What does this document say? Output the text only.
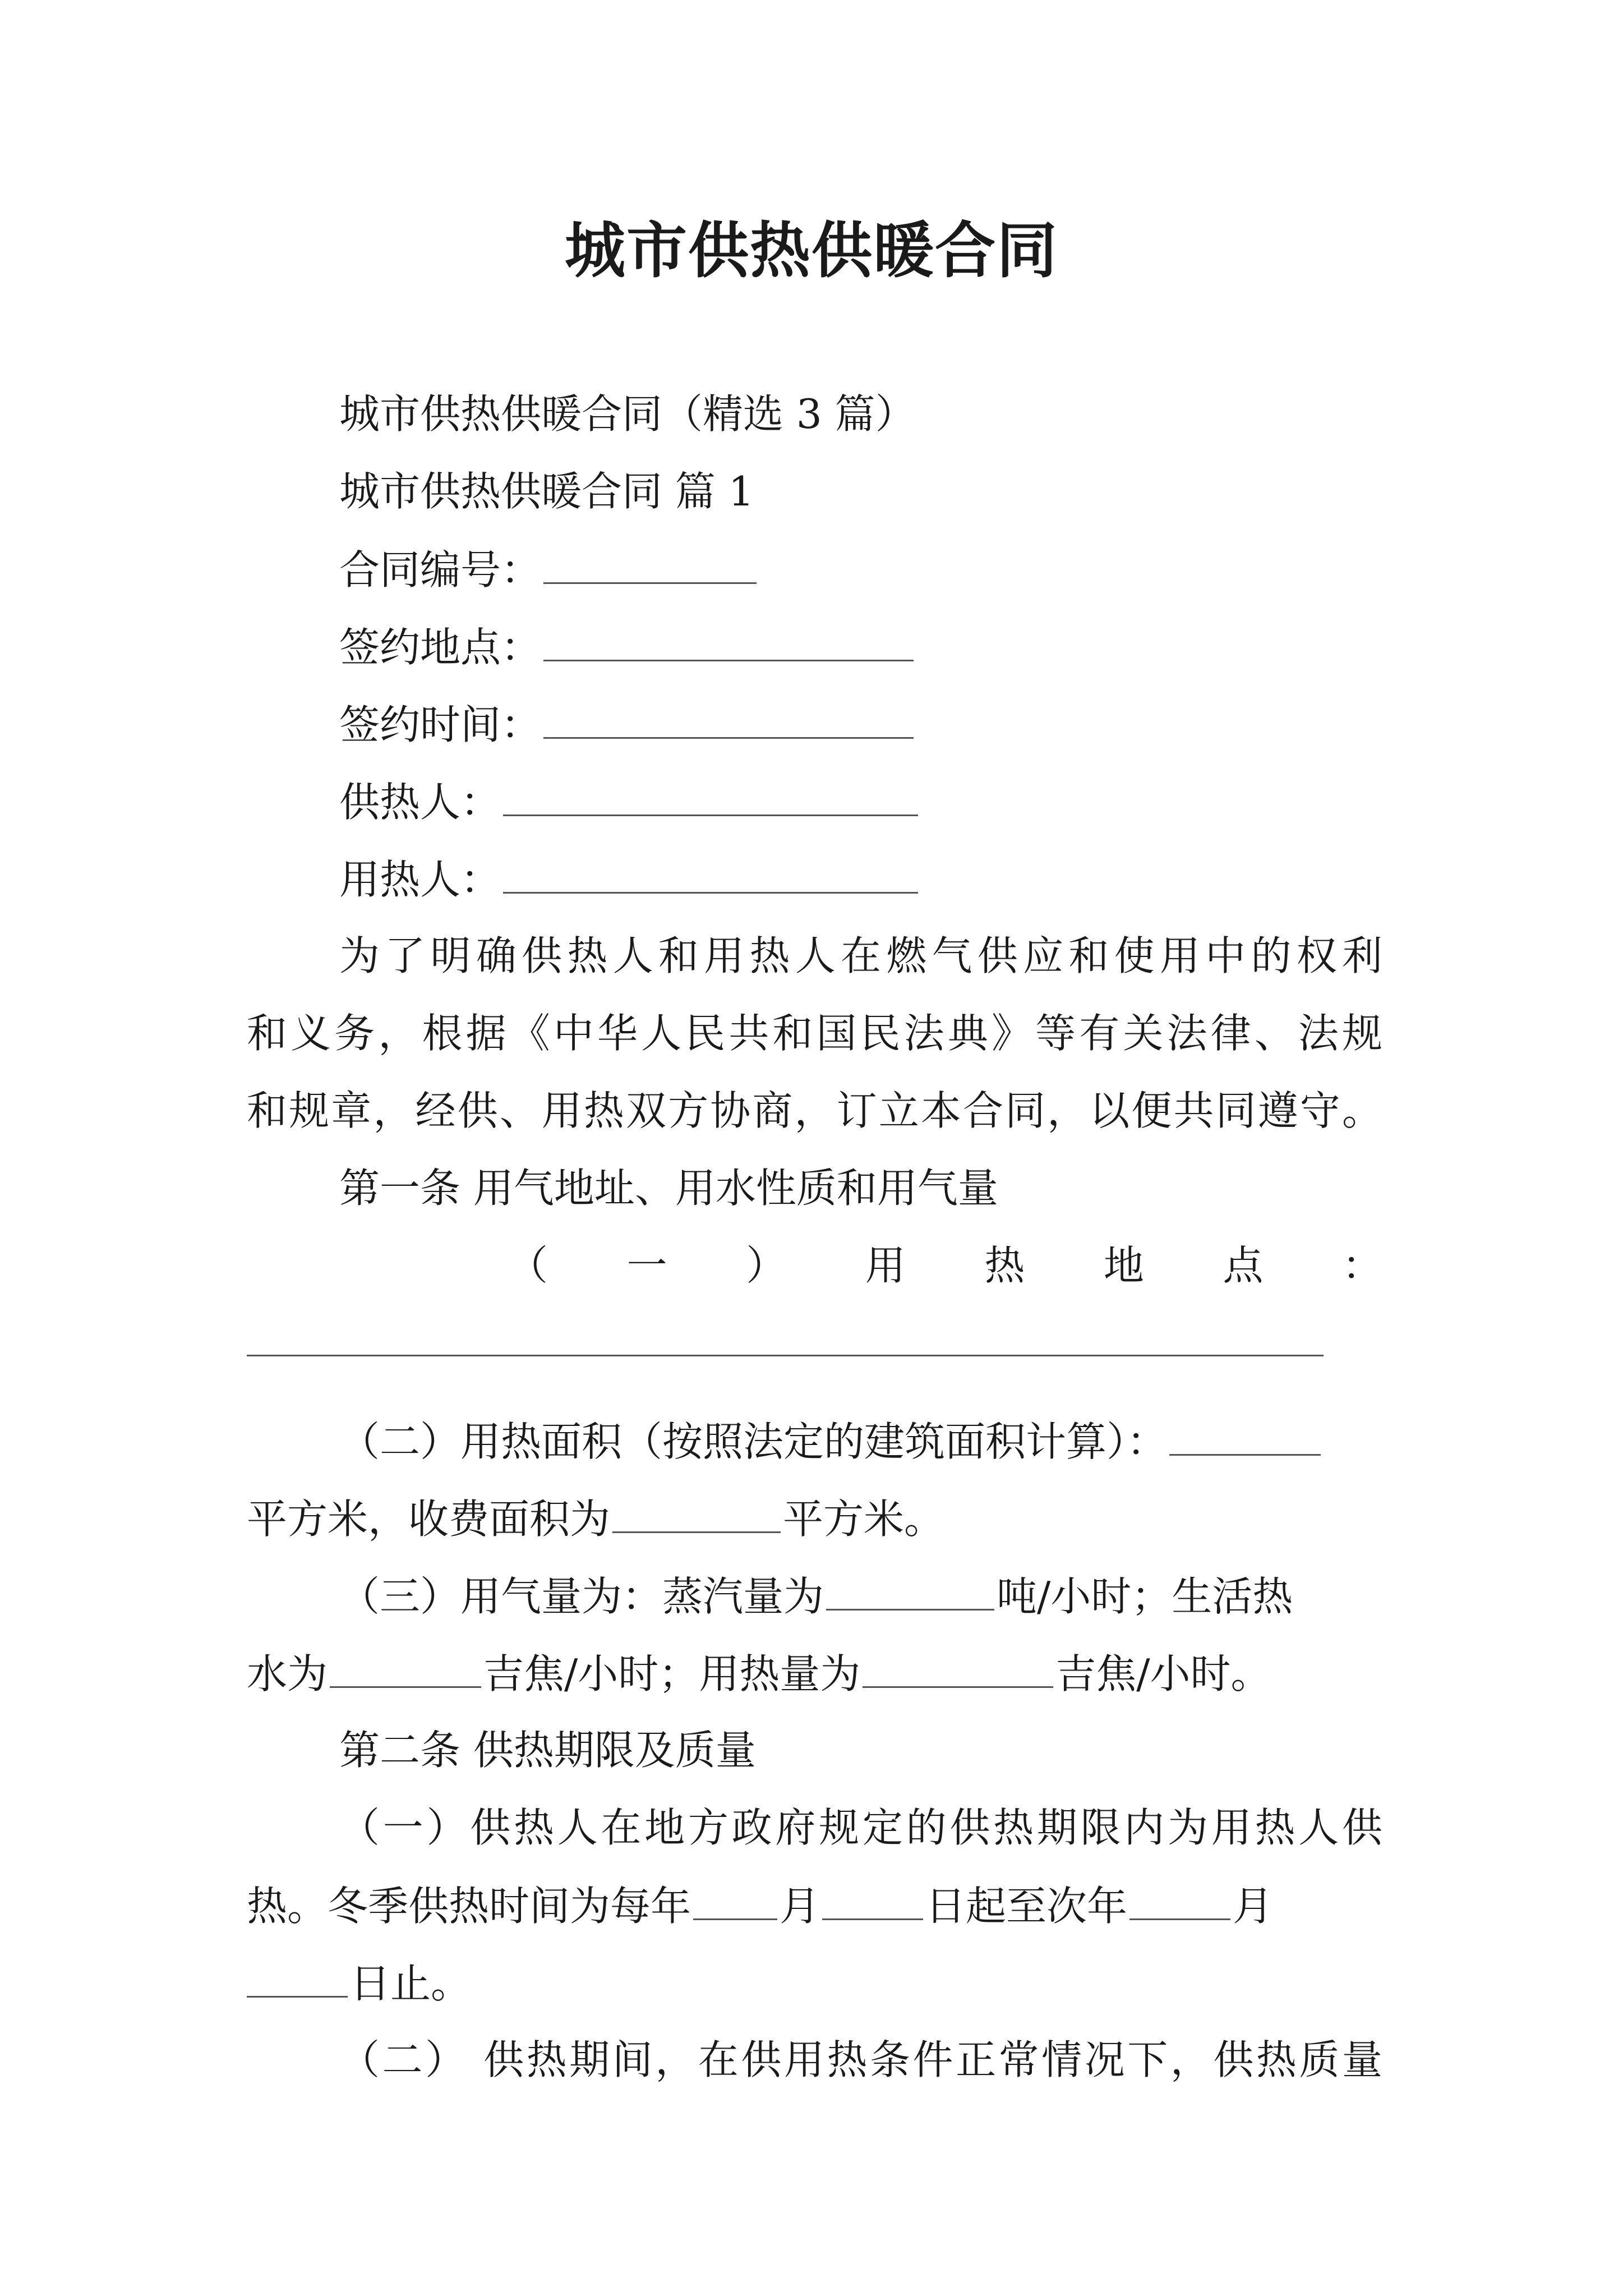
城市供热供暖合同
城市供热供暖合同（精选 3 篇）
城市供热供暖合同 篇 1
合同编号：
签约地点：
签约时间：
供热人：
用热人：
为了明确供热人和用热人在燃气供应和使用中的权利
和义务，根据《中华人民共和国民法典》等有关法律、法规
和规章，经供、用热双方协商，订立本合同，以便共同遵守。
第一条 用气地址、用水性质和用气量
（ 一 ） 用 热 地 点 ：
（二）用热面积（按照法定的建筑面积计算）：
平方米，收费面积为	平方米。
（三）用气量为：蒸汽量为	吨/小时；生活热
水为	吉焦/小时；用热量为	吉焦/小时。
第二条 供热期限及质量
（一）供热人在地方政府规定的供热期限内为用热人供
热。冬季供热时间为每年 月	日起至次年	月
日止。
（二） 供热期间，在供用热条件正常情况下，供热质量
